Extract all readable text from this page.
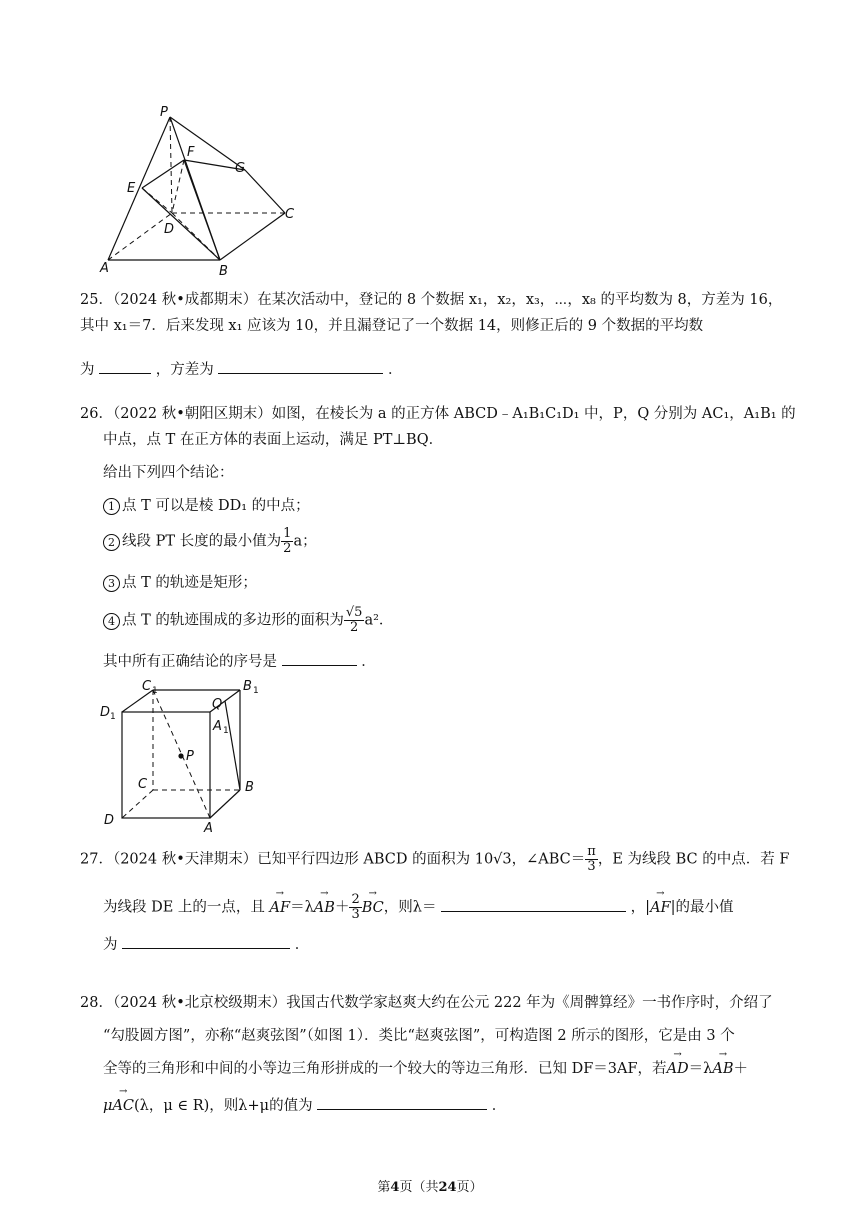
P
E
F
G
C
D
A	B
25．（2024 秋•成都期末）在某次活动中，登记的 8 个数据 x₁，x₂，x₃，⋯，x₈ 的平均数为 8，方差为 16，
其中 x₁＝7．后来发现 x₁ 应该为 10，并且漏登记了一个数据 14，则修正后的 9 个数据的平均数
为	，方差为	．
26．（2022 秋•朝阳区期末）如图，在棱长为 a 的正方体 ABCD﹣A₁B₁C₁D₁ 中，P，Q 分别为 AC₁，A₁B₁ 的
中点，点 T 在正方体的表面上运动，满足 PT⊥BQ．
给出下列四个结论：
1 点 T 可以是棱 DD₁ 的中点；
2 线段 PT 长度的最小值为 $\frac{1}{2}$ a；
3 点 T 的轨迹是矩形；
4 点 T 的轨迹围成的多边形的面积为 $\frac{√5}{2} a^2$．
其中所有正确结论的序号是	．
C 1	B 1
D 1
Q
A 1
P
C	B
D
A
27．（2024 秋•天津期末）已知平行四边形 ABCD 的面积为 10√3，∠ABC＝ $\frac{\pi}{3}$ ，E 为线段 BC 的中点．若 F
为线段 DE 上的一点，且 → $AF=\lambda\to AB+ \frac{2}{3}$ → BC，则λ＝	，|→ AF|的最小值
为	．
28．（2024 秋•北京校级期末）我国古代数学家赵爽大约在公元 222 年为《周髀算经》一书作序时，介绍了
“勾股圆方图”，亦称“赵爽弦图”（如图 1）．类比“赵爽弦图”，可构造图 2 所示的图形，它是由 3 个
全等的三角形和中间的小等边三角形拼成的一个较大的等边三角形．已知 DF＝3AF，若→ AD＝λ→ AB＋
μ→ AC(λ，μ ∈ R)，则λ+μ的值为	．
第4页（共24页）
